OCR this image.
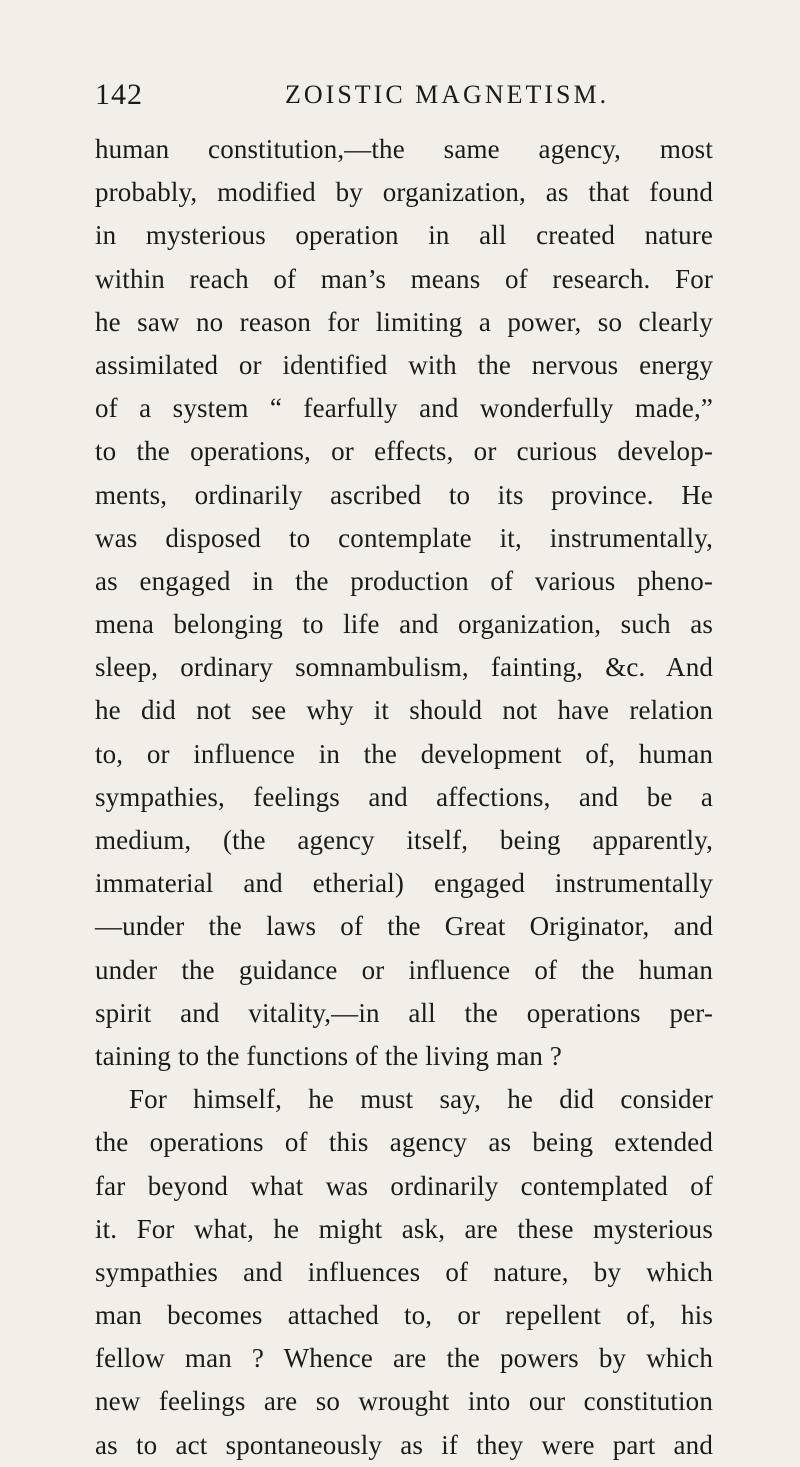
142	ZOISTIC MAGNETISM.
human constitution,—the same agency, most
probably, modified by organization, as that found
in mysterious operation in all created nature
within reach of man’s means of research. For
he saw no reason for limiting a power, so clearly
assimilated or identified with the nervous energy
of a system “ fearfully and wonderfully made,”
to the operations, or effects, or curious develop-
ments, ordinarily ascribed to its province. He
was disposed to contemplate it, instrumentally,
as engaged in the production of various pheno-
mena belonging to life and organization, such as
sleep, ordinary somnambulism, fainting, &c. And
he did not see why it should not have relation
to, or influence in the development of, human
sympathies, feelings and affections, and be a
medium, (the agency itself, being apparently,
immaterial and etherial) engaged instrumentally
—under the laws of the Great Originator, and
under the guidance or influence of the human
spirit and vitality,—in all the operations per-
taining to the functions of the living man ?
For himself, he must say, he did consider
the operations of this agency as being extended
far beyond what was ordinarily contemplated of
it. For what, he might ask, are these mysterious
sympathies and influences of nature, by which
man becomes attached to, or repellent of, his
fellow man ? Whence are the powers by which
new feelings are so wrought into our constitution
as to act spontaneously as if they were part and
